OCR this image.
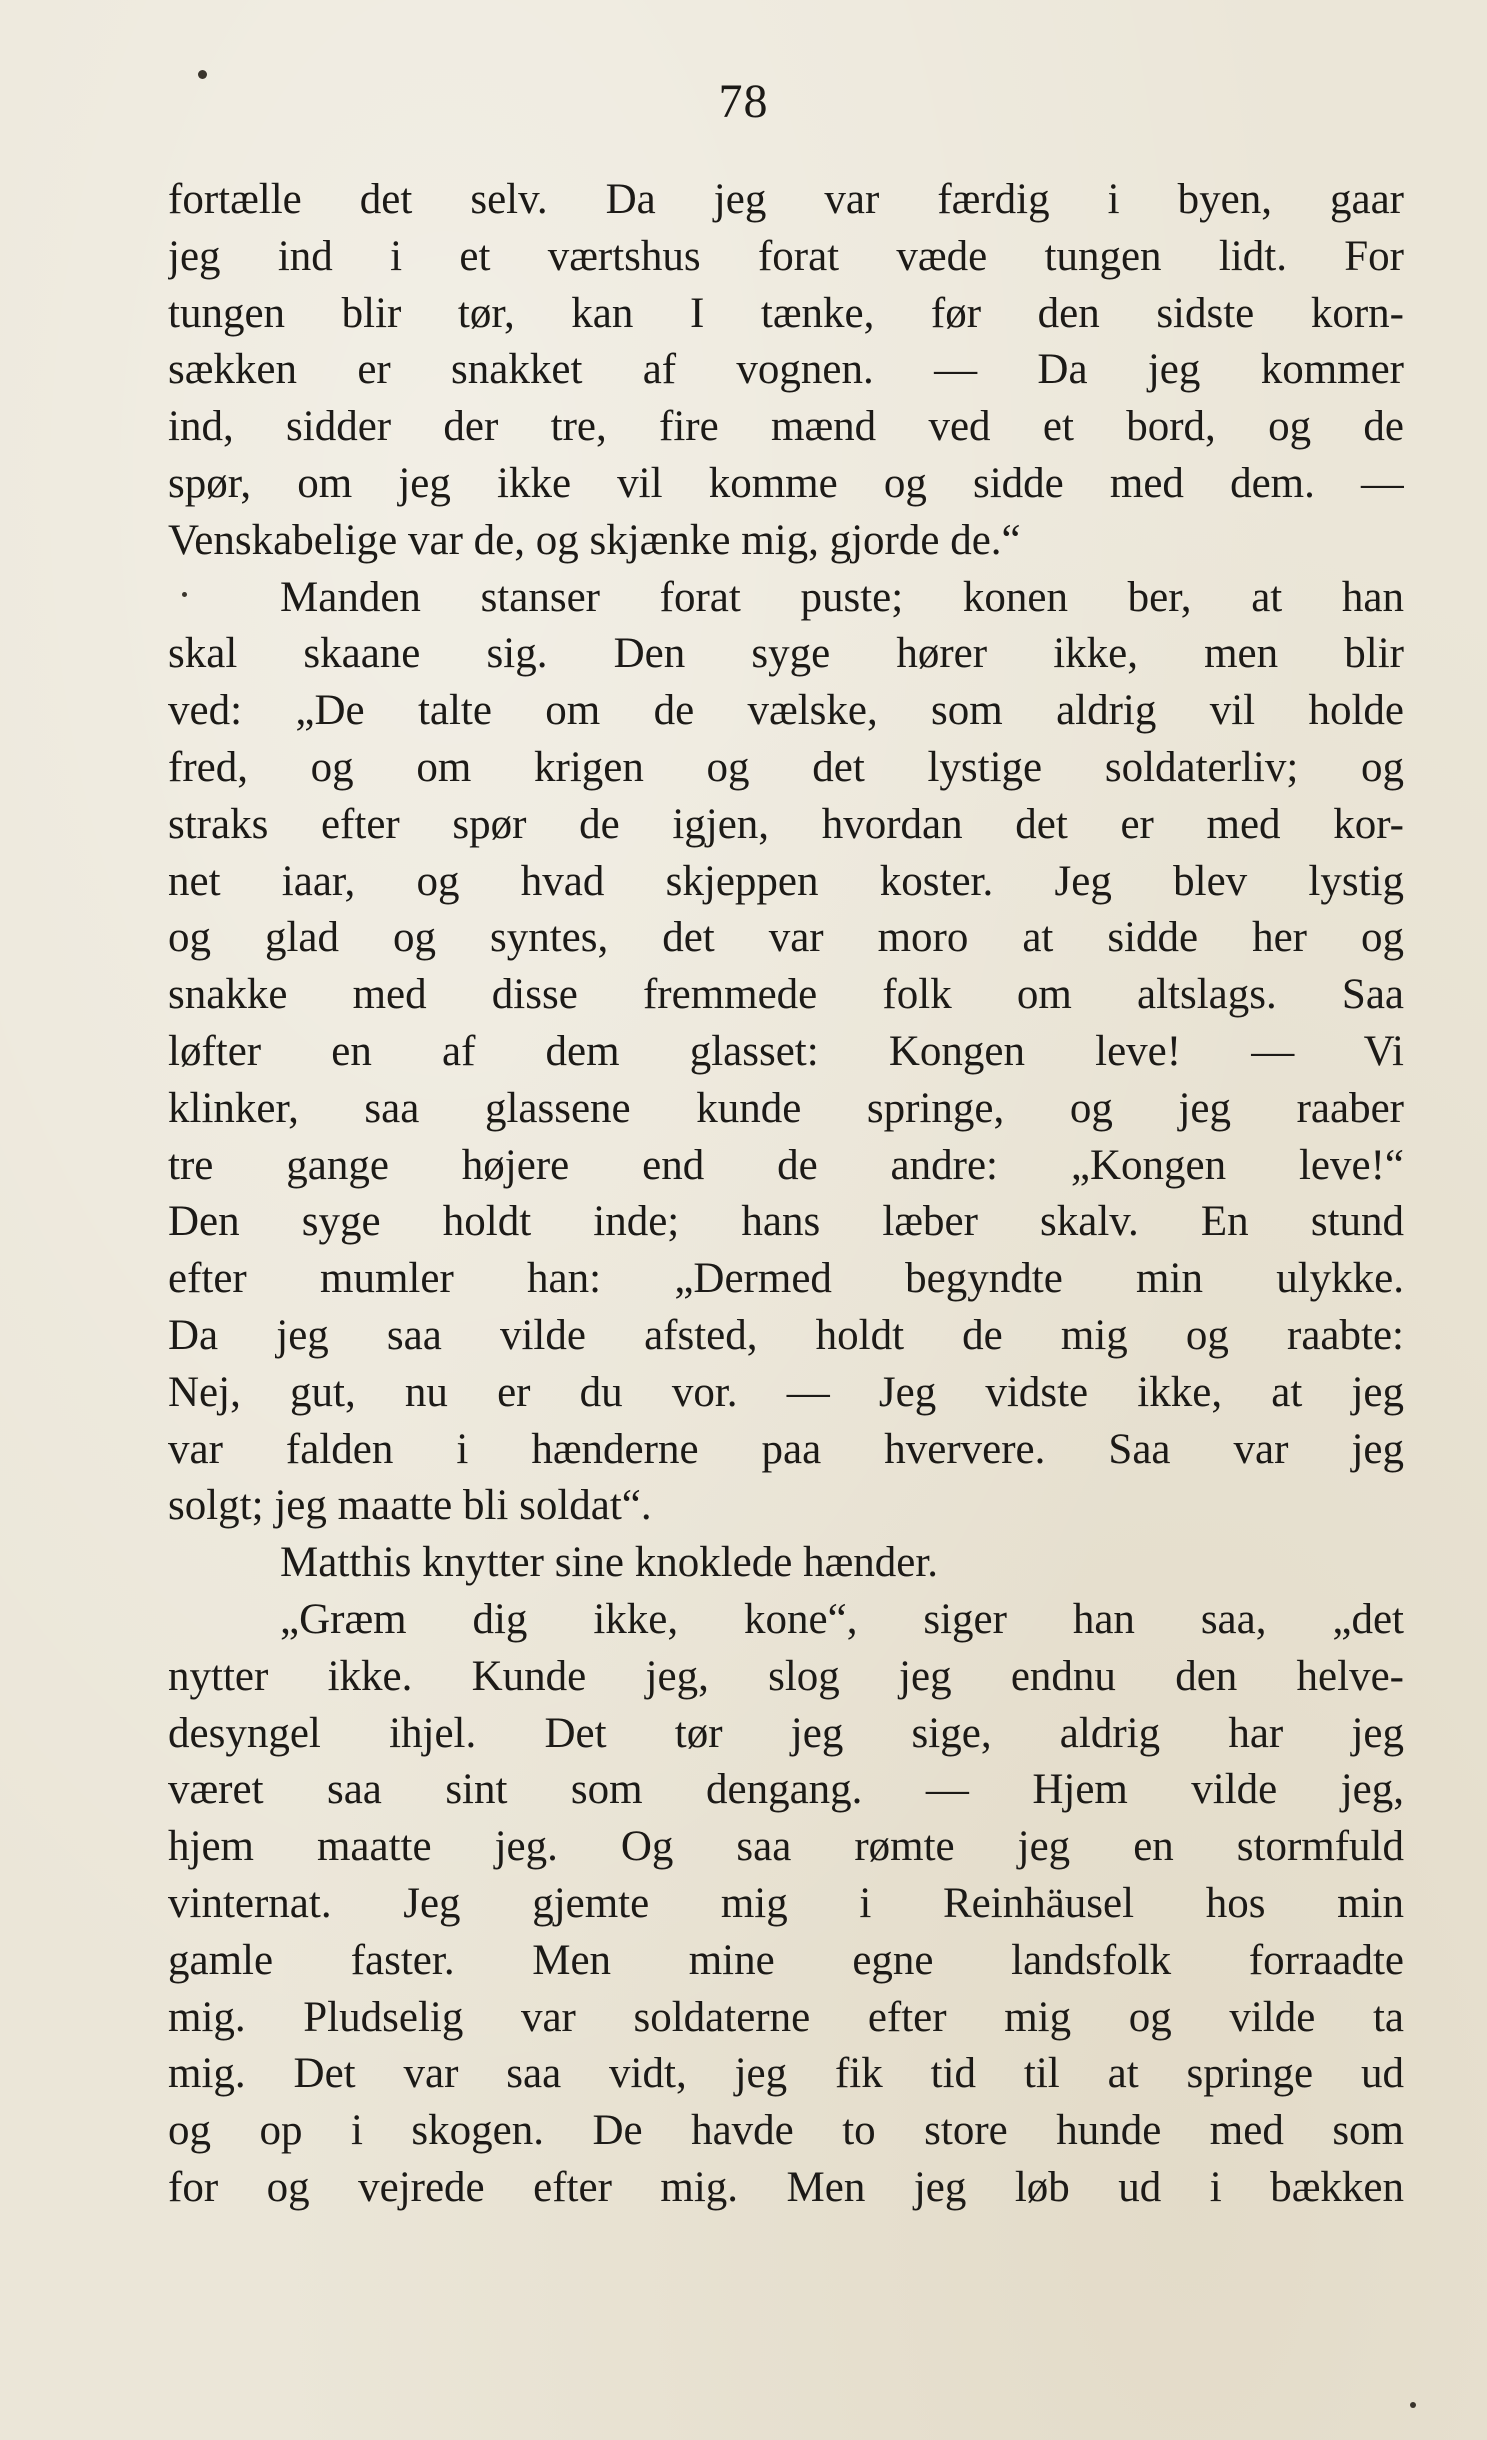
78
fortælle det selv. Da jeg var færdig i byen, gaar
jeg ind i et værtshus forat væde tungen lidt. For
tungen blir tør, kan I tænke, før den sidste korn-
sækken er snakket af vognen. — Da jeg kommer
ind, sidder der tre, fire mænd ved et bord, og de
spør, om jeg ikke vil komme og sidde med dem. —
Venskabelige var de, og skjænke mig, gjorde de.“
Manden stanser forat puste; konen ber, at han
skal skaane sig. Den syge hører ikke, men blir
ved: „De talte om de vælske, som aldrig vil holde
fred, og om krigen og det lystige soldaterliv; og
straks efter spør de igjen, hvordan det er med kor-
net iaar, og hvad skjeppen koster. Jeg blev lystig
og glad og syntes, det var moro at sidde her og
snakke med disse fremmede folk om altslags. Saa
løfter en af dem glasset: Kongen leve! — Vi
klinker, saa glassene kunde springe, og jeg raaber
tre gange højere end de andre: „Kongen leve!“
Den syge holdt inde; hans læber skalv. En stund
efter mumler han: „Dermed begyndte min ulykke.
Da jeg saa vilde afsted, holdt de mig og raabte:
Nej, gut, nu er du vor. — Jeg vidste ikke, at jeg
var falden i hænderne paa hververe. Saa var jeg
solgt; jeg maatte bli soldat“.
Matthis knytter sine knoklede hænder.
„Græm dig ikke, kone“, siger han saa, „det
nytter ikke. Kunde jeg, slog jeg endnu den helve-
desyngel ihjel. Det tør jeg sige, aldrig har jeg
været saa sint som dengang. — Hjem vilde jeg,
hjem maatte jeg. Og saa rømte jeg en stormfuld
vinternat. Jeg gjemte mig i Reinhäusel hos min
gamle faster. Men mine egne landsfolk forraadte
mig. Pludselig var soldaterne efter mig og vilde ta
mig. Det var saa vidt, jeg fik tid til at springe ud
og op i skogen. De havde to store hunde med som
for og vejrede efter mig. Men jeg løb ud i bækken
